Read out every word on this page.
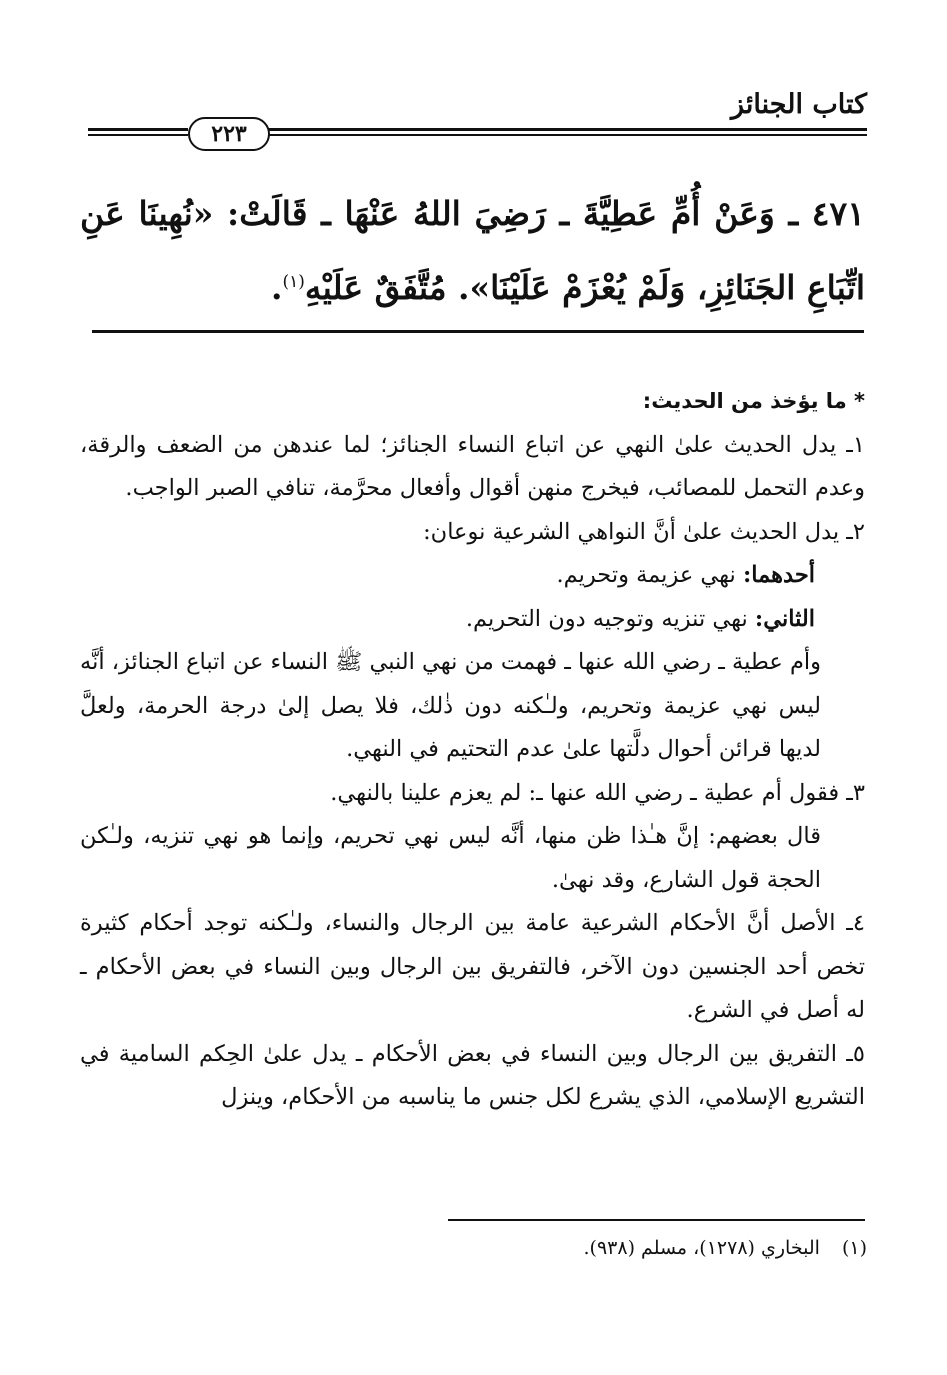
كتاب الجنائز
٢٢٣
٤٧١ ـ وَعَنْ أُمِّ عَطِيَّةَ ـ رَضِيَ اللهُ عَنْهَا ـ قَالَتْ: «نُهِينَا عَنِ اتِّبَاعِ الجَنَائِزِ، وَلَمْ يُعْزَمْ عَلَيْنَا». مُتَّفَقٌ عَلَيْهِ$^{(١)}$.

* ما يؤخذ من الحديث:

١ـ يدل الحديث علىٰ النهي عن اتباع النساء الجنائز؛ لما عندهن من الضعف والرقة، وعدم التحمل للمصائب، فيخرج منهن أقوال وأفعال محرَّمة، تنافي الصبر الواجب.

٢ـ يدل الحديث علىٰ أنَّ النواهي الشرعية نوعان:

أحدهما: نهي عزيمة وتحريم.

الثاني: نهي تنزيه وتوجيه دون التحريم.

وأم عطية ـ رضي الله عنها ـ فهمت من نهي النبي ﷺ النساء عن اتباع الجنائز، أنَّه ليس نهي عزيمة وتحريم، ولـٰكنه دون ذٰلك، فلا يصل إلىٰ درجة الحرمة، ولعلَّ لديها قرائن أحوال دلَّتها علىٰ عدم التحتيم في النهي.

٣ـ فقول أم عطية ـ رضي الله عنها ـ: لم يعزم علينا بالنهي.

قال بعضهم: إنَّ هـٰذا ظن منها، أنَّه ليس نهي تحريم، وإنما هو نهي تنزيه، ولـٰكن الحجة قول الشارع، وقد نهىٰ.

٤ـ الأصل أنَّ الأحكام الشرعية عامة بين الرجال والنساء، ولـٰكنه توجد أحكام كثيرة تخص أحد الجنسين دون الآخر، فالتفريق بين الرجال وبين النساء في بعض الأحكام ـ له أصل في الشرع.

٥ـ التفريق بين الرجال وبين النساء في بعض الأحكام ـ يدل علىٰ الحِكم السامية في التشريع الإسلامي، الذي يشرع لكل جنس ما يناسبه من الأحكام، وينزل

(١) البخاري (١٢٧٨)، مسلم (٩٣٨).
